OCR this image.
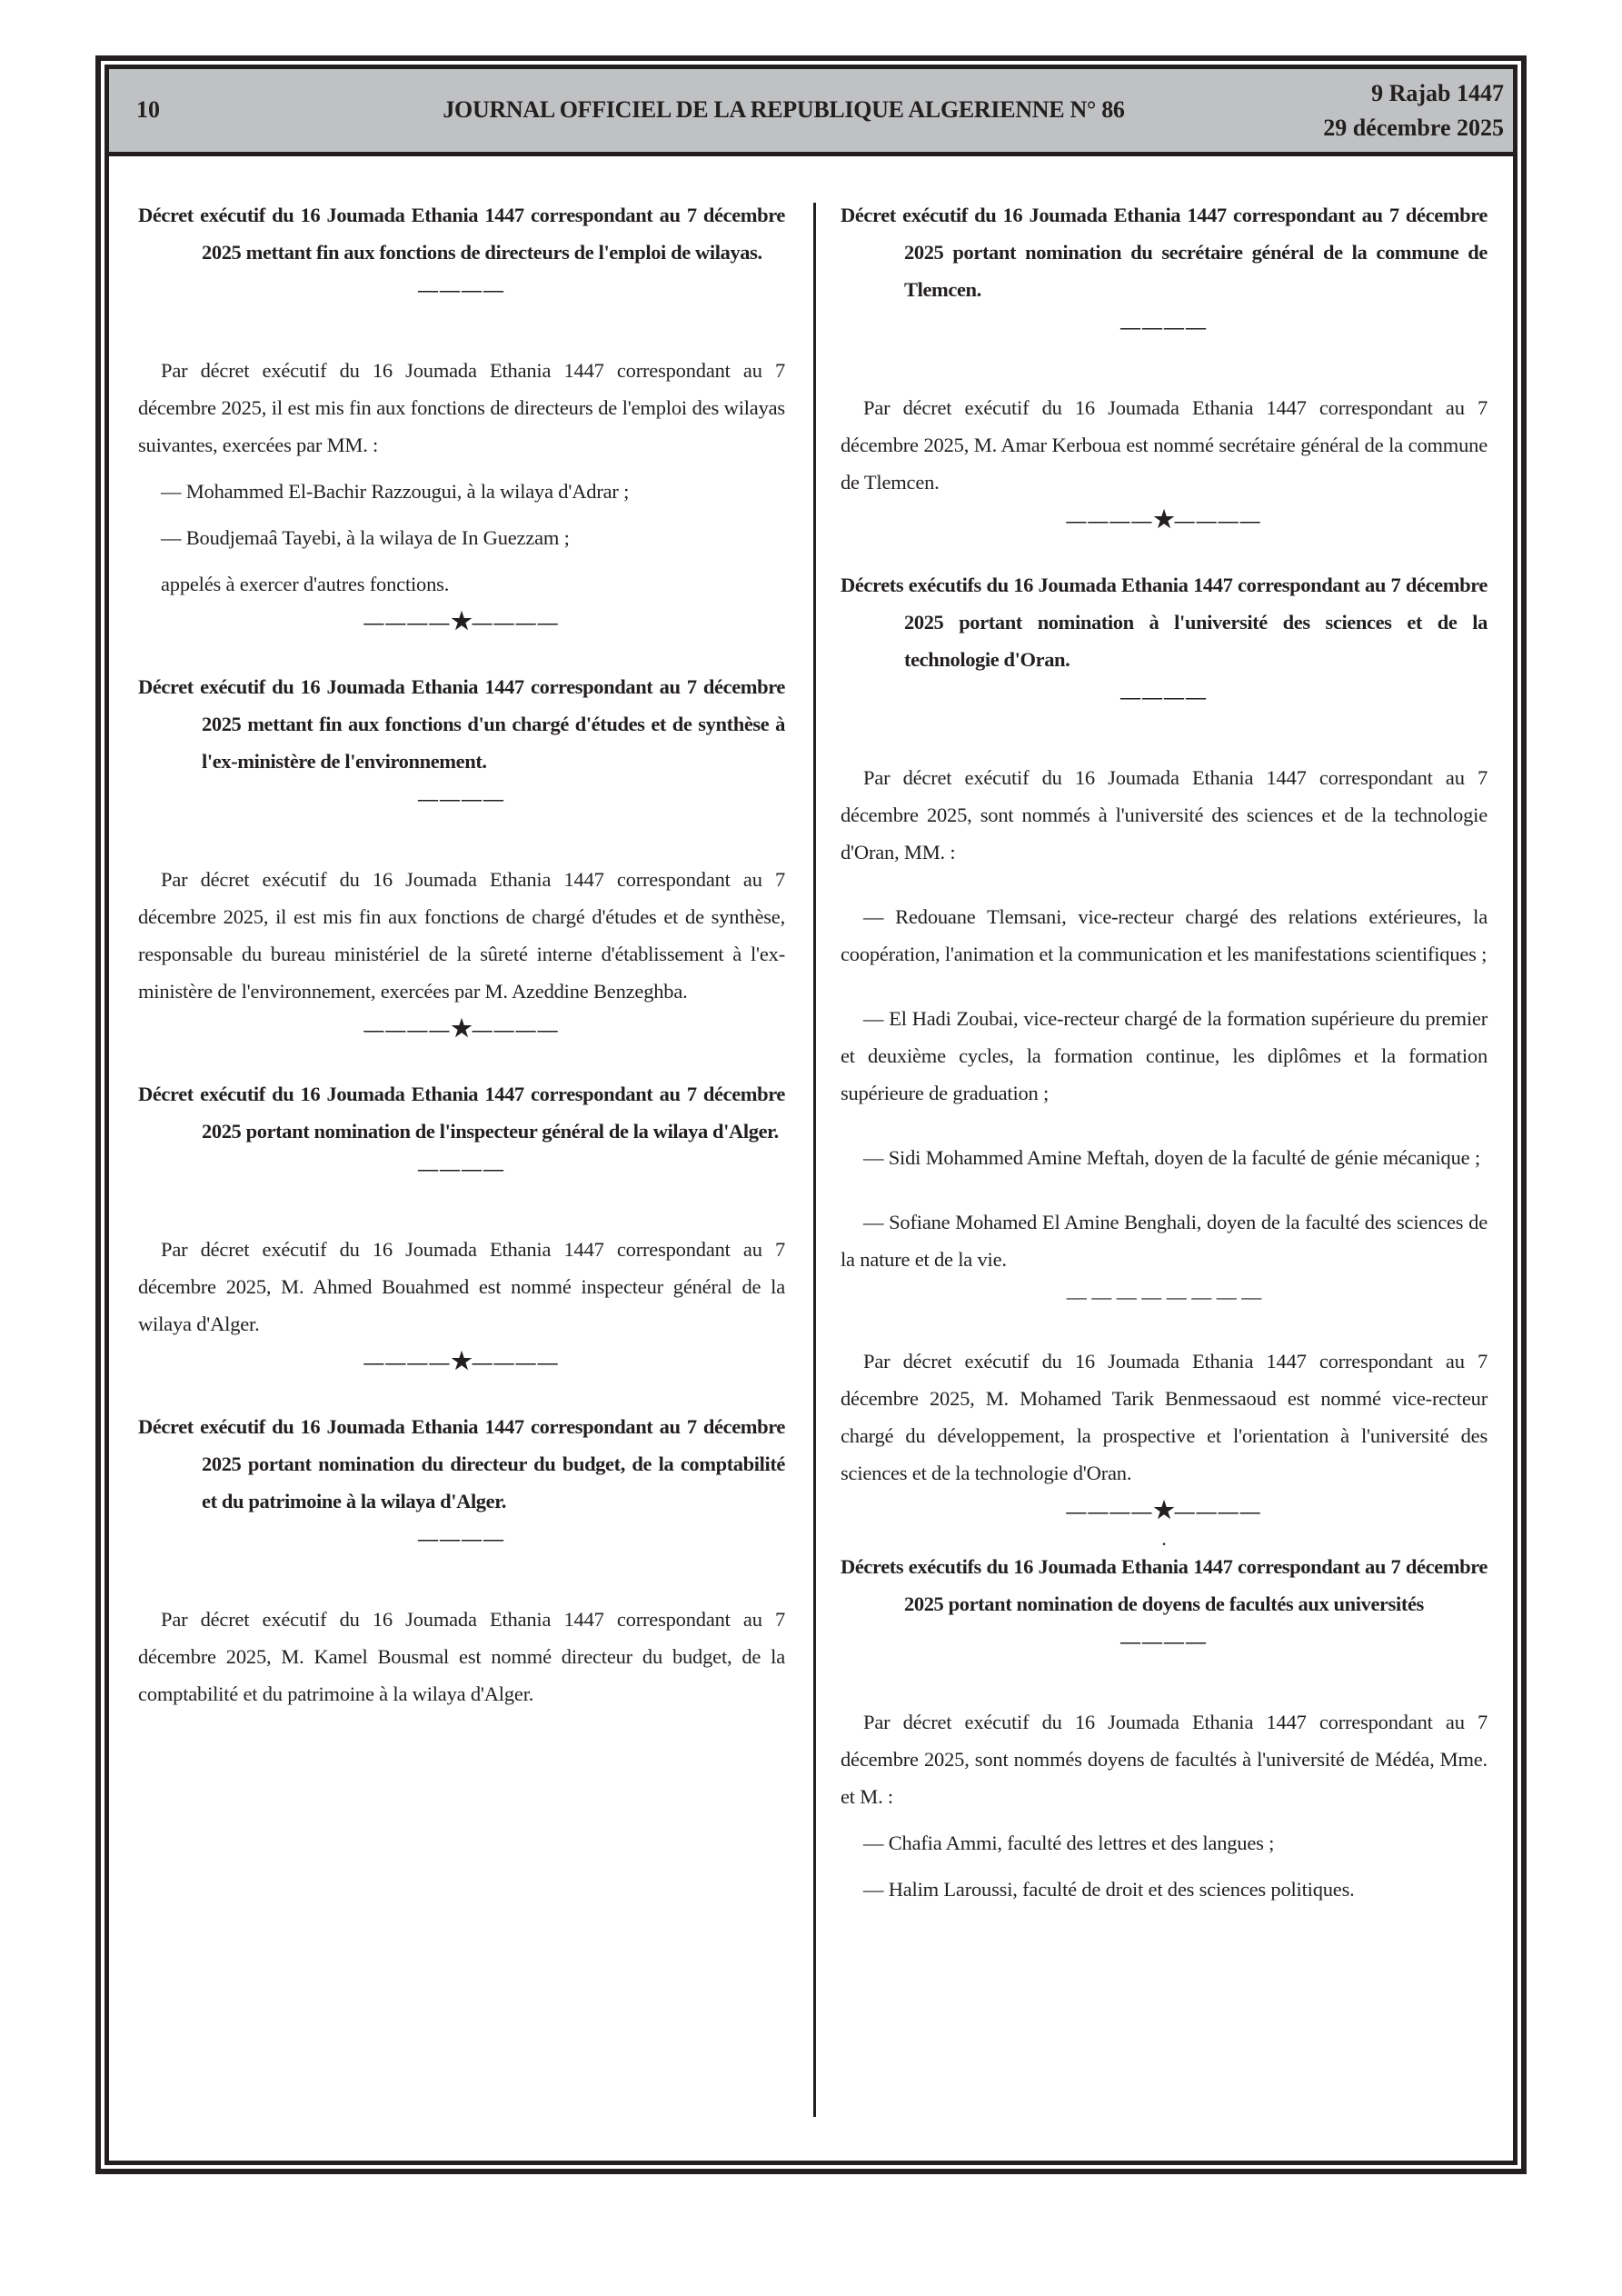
10	JOURNAL OFFICIEL DE LA REPUBLIQUE ALGERIENNE N° 86
9 Rajab 1447
29 décembre 2025

Décret exécutif du 16 Joumada Ethania 1447 correspondant au 7 décembre 2025 mettant fin aux fonctions de directeurs de l'emploi de wilayas.

————

Par décret exécutif du 16 Joumada Ethania 1447 correspondant au 7 décembre 2025, il est mis fin aux fonctions de directeurs de l'emploi des wilayas suivantes, exercées par MM. :

— Mohammed El-Bachir Razzougui, à la wilaya d'Adrar ;

— Boudjemaâ Tayebi, à la wilaya de In Guezzam ;

appelés à exercer d'autres fonctions.

————★————

Décret exécutif du 16 Joumada Ethania 1447 correspondant au 7 décembre 2025 mettant fin aux fonctions d'un chargé d'études et de synthèse à l'ex-ministère de l'environnement.

————

Par décret exécutif du 16 Joumada Ethania 1447 correspondant au 7 décembre 2025, il est mis fin aux fonctions de chargé d'études et de synthèse, responsable du bureau ministériel de la sûreté interne d'établissement à l'ex-ministère de l'environnement, exercées par M. Azeddine Benzeghba.

————★————

Décret exécutif du 16 Joumada Ethania 1447 correspondant au 7 décembre 2025 portant nomination de l'inspecteur général de la wilaya d'Alger.

————

Par décret exécutif du 16 Joumada Ethania 1447 correspondant au 7 décembre 2025, M. Ahmed Bouahmed est nommé inspecteur général de la wilaya d'Alger.

————★————

Décret exécutif du 16 Joumada Ethania 1447 correspondant au 7 décembre 2025 portant nomination du directeur du budget, de la comptabilité et du patrimoine à la wilaya d'Alger.

————

Par décret exécutif du 16 Joumada Ethania 1447 correspondant au 7 décembre 2025, M. Kamel Bousmal est nommé directeur du budget, de la comptabilité et du patrimoine à la wilaya d'Alger.

Décret exécutif du 16 Joumada Ethania 1447 correspondant au 7 décembre 2025 portant nomination du secrétaire général de la commune de Tlemcen.

————

Par décret exécutif du 16 Joumada Ethania 1447 correspondant au 7 décembre 2025, M. Amar Kerboua est nommé secrétaire général de la commune de Tlemcen.

————★————

Décrets exécutifs du 16 Joumada Ethania 1447 correspondant au 7 décembre 2025 portant nomination à l'université des sciences et de la technologie d'Oran.

————

Par décret exécutif du 16 Joumada Ethania 1447 correspondant au 7 décembre 2025, sont nommés à l'université des sciences et de la technologie d'Oran, MM. :

— Redouane Tlemsani, vice-recteur chargé des relations extérieures, la coopération, l'animation et la communication et les manifestations scientifiques ;

— El Hadi Zoubai, vice-recteur chargé de la formation supérieure du premier et deuxième cycles, la formation continue, les diplômes et la formation supérieure de graduation ;

— Sidi Mohammed Amine Meftah, doyen de la faculté de génie mécanique ;

— Sofiane Mohamed El Amine Benghali, doyen de la faculté des sciences de la nature et de la vie.

— — — — — — — —

Par décret exécutif du 16 Joumada Ethania 1447 correspondant au 7 décembre 2025, M. Mohamed Tarik Benmessaoud est nommé vice-recteur chargé du développement, la prospective et l'orientation à l'université des sciences et de la technologie d'Oran.

————★————

.

Décrets exécutifs du 16 Joumada Ethania 1447 correspondant au 7 décembre 2025 portant nomination de doyens de facultés aux universités

————

Par décret exécutif du 16 Joumada Ethania 1447 correspondant au 7 décembre 2025, sont nommés doyens de facultés à l'université de Médéa, Mme. et M. :

— Chafia Ammi, faculté des lettres et des langues ;

— Halim Laroussi, faculté de droit et des sciences politiques.
